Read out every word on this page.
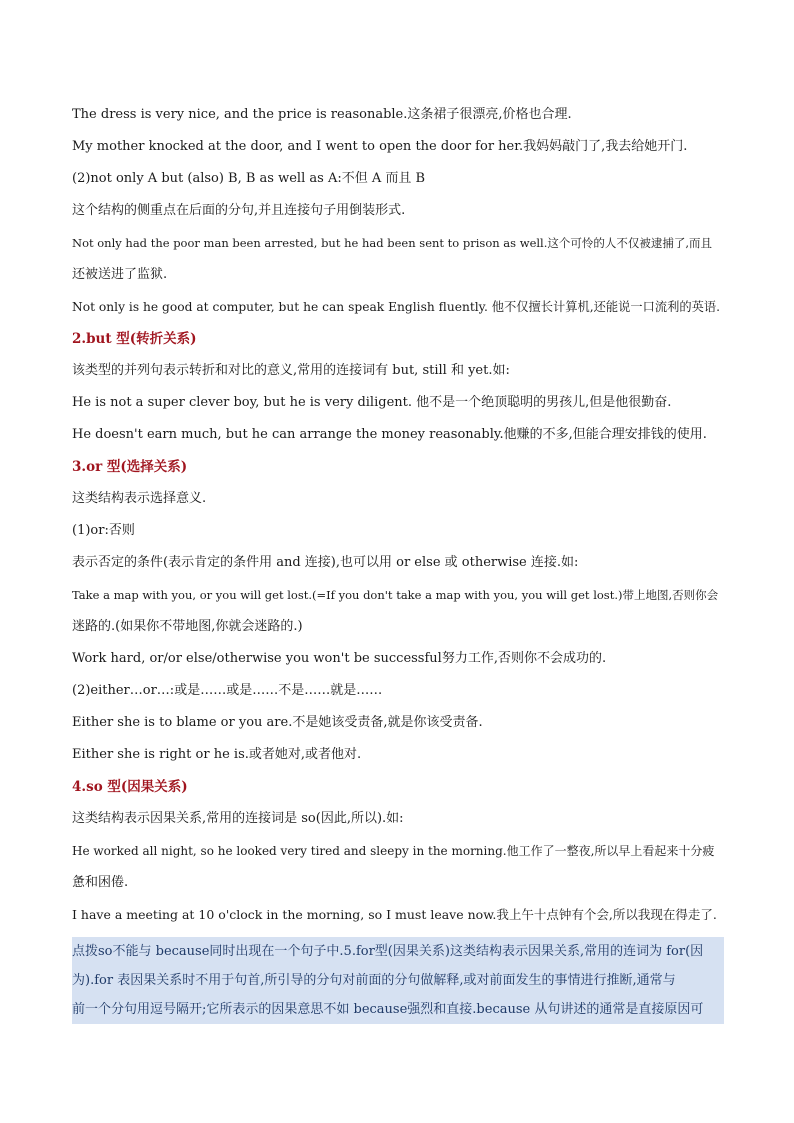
The dress is very nice, and the price is reasonable.这条裙子很漂亮,价格也合理.
My mother knocked at the door, and I went to open the door for her.我妈妈敲门了,我去给她开门.
(2)not only A but (also) B, B as well as A:不但 A 而且 B
这个结构的侧重点在后面的分句,并且连接句子用倒装形式.
Not only had the poor man been arrested, but he had been sent to prison as well.这个可怜的人不仅被逮捕了,而且
还被送进了监狱.
Not only is he good at computer, but he can speak English fluently. 他不仅擅长计算机,还能说一口流利的英语.
2.but 型(转折关系)
该类型的并列句表示转折和对比的意义,常用的连接词有 but, still 和 yet.如:
He is not a super clever boy, but he is very diligent. 他不是一个绝顶聪明的男孩儿,但是他很勤奋.
He doesn't earn much, but he can arrange the money reasonably.他赚的不多,但能合理安排钱的使用.
3.or 型(选择关系)
这类结构表示选择意义.
(1)or:否则
表示否定的条件(表示肯定的条件用 and 连接),也可以用 or else 或 otherwise 连接.如:
Take a map with you, or you will get lost.(=If you don't take a map with you, you will get lost.)带上地图,否则你会
迷路的.(如果你不带地图,你就会迷路的.)
Work hard, or/or else/otherwise you won't be successful努力工作,否则你不会成功的.
(2)either…or…:或是……或是……不是……就是……
Either she is to blame or you are.不是她该受责备,就是你该受责备.
Either she is right or he is.或者她对,或者他对.
4.so 型(因果关系)
这类结构表示因果关系,常用的连接词是 so(因此,所以).如:
He worked all night, so he looked very tired and sleepy in the morning.他工作了一整夜,所以早上看起来十分疲
惫和困倦.
I have a meeting at 10 o'clock in the morning, so I must leave now.我上午十点钟有个会,所以我现在得走了.
点拨so不能与 because同时出现在一个句子中.5.for型(因果关系)这类结构表示因果关系,常用的连词为 for(因
为).for 表因果关系时不用于句首,所引导的分句对前面的分句做解释,或对前面发生的事情进行推断,通常与
前一个分句用逗号隔开;它所表示的因果意思不如 because强烈和直接.because 从句讲述的通常是直接原因可
